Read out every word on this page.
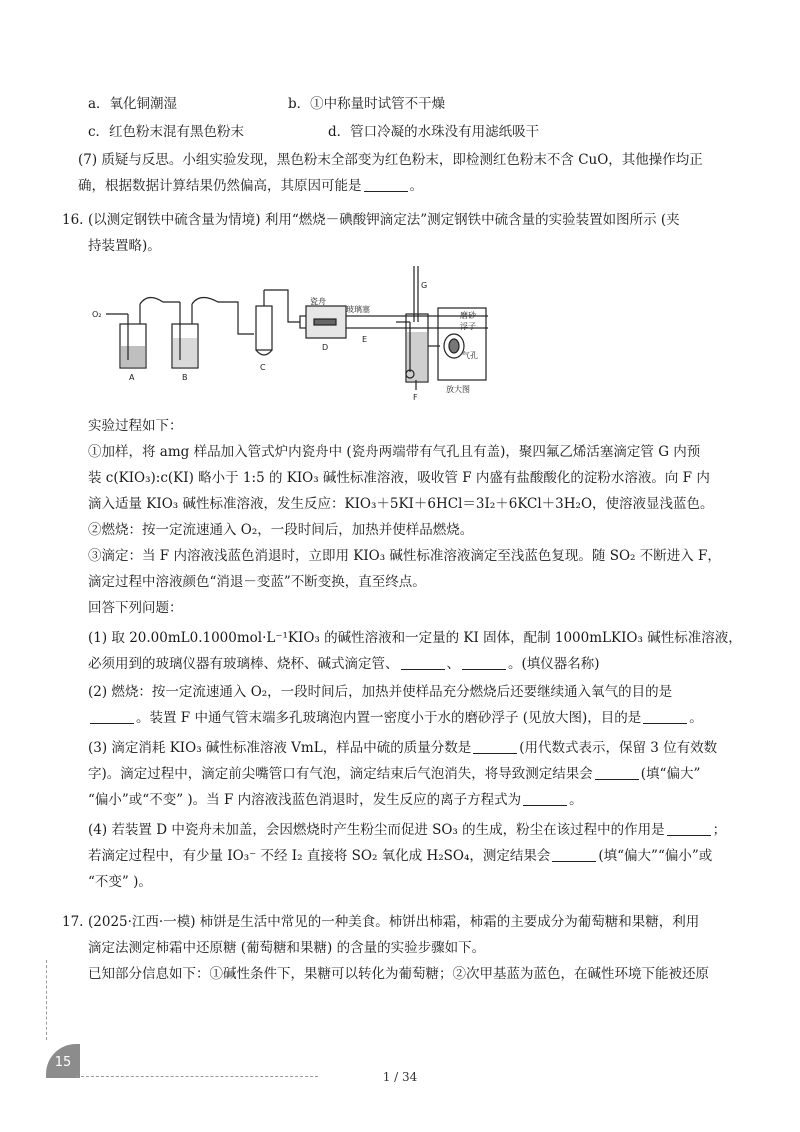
a．氧化铜潮湿	b．①中称量时试管不干燥
c．红色粉末混有黑色粉末	d．管口冷凝的水珠没有用滤纸吸干
(7) 质疑与反思。小组实验发现，黑色粉末全部变为红色粉末，即检测红色粉末不含 CuO，其他操作均正
确，根据数据计算结果仍然偏高，其原因可能是	。
16. (以测定钢铁中硫含量为情境) 利用“燃烧－碘酸钾滴定法”测定钢铁中硫含量的实验装置如图所示 (夹
持装置略)。
O₂
A	B
C
D
E
F
G
瓷舟
玻璃塞
磨砂
浮子
气孔
放大图
实验过程如下：
①加样，将 amg 样品加入管式炉内瓷舟中 (瓷舟两端带有气孔且有盖)，聚四氟乙烯活塞滴定管 G 内预
装 c(KIO₃):c(KI) 略小于 1:5 的 KIO₃ 碱性标准溶液，吸收管 F 内盛有盐酸酸化的淀粉水溶液。向 F 内
滴入适量 KIO₃ 碱性标准溶液，发生反应：KIO₃＋5KI＋6HCl＝3I₂＋6KCl＋3H₂O，使溶液显浅蓝色。
②燃烧：按一定流速通入 O₂，一段时间后，加热并使样品燃烧。
③滴定：当 F 内溶液浅蓝色消退时，立即用 KIO₃ 碱性标准溶液滴定至浅蓝色复现。随 SO₂ 不断进入 F，
滴定过程中溶液颜色“消退－变蓝”不断变换，直至终点。
回答下列问题：
(1) 取 20.00mL0.1000mol·L⁻¹KIO₃ 的碱性溶液和一定量的 KI 固体，配制 1000mLKIO₃ 碱性标准溶液，
必须用到的玻璃仪器有玻璃棒、烧杯、碱式滴定管、	、	。(填仪器名称)
(2) 燃烧：按一定流速通入 O₂，一段时间后，加热并使样品充分燃烧后还要继续通入氧气的目的是
。装置 F 中通气管末端多孔玻璃泡内置一密度小于水的磨砂浮子 (见放大图)，目的是	。
(3) 滴定消耗 KIO₃ 碱性标准溶液 VmL，样品中硫的质量分数是	(用代数式表示，保留 3 位有效数
字)。滴定过程中，滴定前尖嘴管口有气泡，滴定结束后气泡消失，将导致测定结果会	(填“偏大”
“偏小”或“不变” )。当 F 内溶液浅蓝色消退时，发生反应的离子方程式为	。
(4) 若装置 D 中瓷舟未加盖，会因燃烧时产生粉尘而促进 SO₃ 的生成，粉尘在该过程中的作用是	；
若滴定过程中，有少量 IO₃⁻ 不经 I₂ 直接将 SO₂ 氧化成 H₂SO₄，测定结果会	(填“偏大”“偏小”或
“不变” )。
17. (2025·江西·一模) 柿饼是生活中常见的一种美食。柿饼出柿霜，柿霜的主要成分为葡萄糖和果糖，利用
滴定法测定柿霜中还原糖 (葡萄糖和果糖) 的含量的实验步骤如下。
已知部分信息如下：①碱性条件下，果糖可以转化为葡萄糖；②次甲基蓝为蓝色，在碱性环境下能被还原
15
1 / 34
